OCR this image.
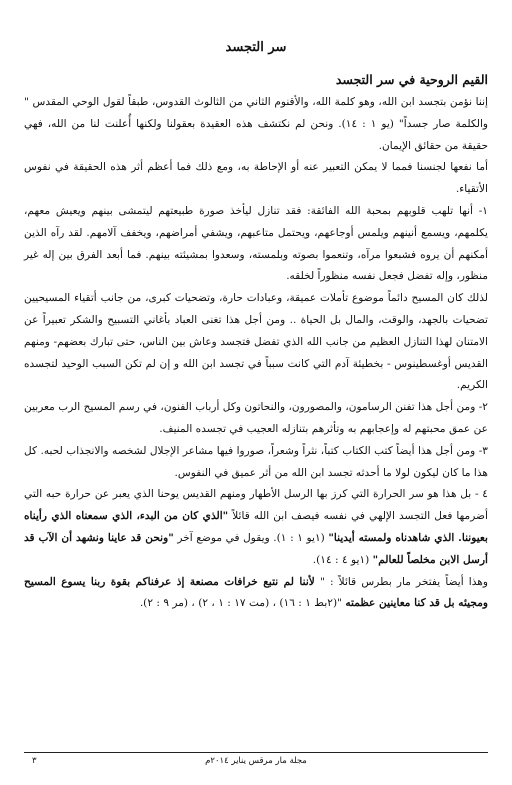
سر التجسد

القيم الروحية في سر التجسد

إننا نؤمن بتجسد ابن الله، وهو كلمة الله، والأقنوم الثاني من الثالوث القدوس، طبقاً لقول الوحي المقدس " والكلمة صار جسداً" (يو ١ : ١٤). ونحن لم نكتشف هذه العقيدة بعقولنا ولكنها أُعلنت لنا من الله، فهي حقيقة من حقائق الإيمان.

أما نفعها لجنسنا فمما لا يمكن التعبير عنه أو الإحاطة به، ومع ذلك فما أعظم أثر هذه الحقيقة في نفوس الأتقياء.

١- أنها تلهب قلوبهم بمحبة الله الفائقة: فقد تنازل ليأخذ صورة طبيعتهم ليتمشى بينهم ويعيش معهم، يكلمهم، ويسمع أنينهم ويلمس أوجاعهم، ويحتمل متاعبهم، ويشفي أمراضهم، ويخفف آلامهم. لقد رآه الذين أمكنهم أن يروه فشبعوا مرآه، وتنعموا بصوته وبلمسته، وسعدوا بمشيئته بينهم. فما أبعد الفرق بين إله غير منظور، وإله تفضل فجعل نفسه منظوراً لخلقه.

لذلك كان المسيح دائماً موضوع تأملات عميقة، وعبادات حارة، وتضحيات كبرى، من جانب أتقياء المسيحيين تضحيات بالجهد، والوقت، والمال بل الحياة .. ومن أجل هذا تغنى العباد بأغاني التسبيح والشكر تعبيراً عن الامتنان لهذا التنازل العظيم من جانب الله الذي تفضل فتجسد وعاش بين الناس، حتى تبارك بعضهم- ومنهم القديس أوغسطينوس - بخطيئة آدم التي كانت سبباً في تجسد ابن الله و إن لم تكن السبب الوحيد لتجسده الكريم.

٢- ومن أجل هذا تفنن الرسامون، والمصورون، والنحاتون وكل أرباب الفنون، في رسم المسيح الرب معربين عن عمق محبتهم له وإعجابهم به وتأثرهم بتنازله العجيب في تجسده المنيف.

٣- ومن أجل هذا أيضاً كتب الكتاب كتباً، نثراً وشعراً، صوروا فيها مشاعر الإجلال لشخصه والانجذاب لحبه. كل هذا ما كان ليكون لولا ما أحدثه تجسد ابن الله من أثر عميق في النفوس.

٤ - بل هذا هو سر الحرارة التي كرز بها الرسل الأطهار ومنهم القديس يوحنا الذي يعبر عن حرارة حبه التي أضرمها فعل التجسد الإلهي في نفسه فيصف ابن الله قائلاً "الذي كان من البدء، الذي سمعناه الذي رأيناه بعيوننا. الذي شاهدناه ولمسته أيدينا" (١يو ١ : ١). ويقول في موضع آخر "ونحن قد عاينا ونشهد أن الآب قد أرسل الابن مخلصاً للعالم" (١يو ٤ : ١٤).

وهذا أيضاً يفتخر مار بطرس قائلاً : " لأننا لم نتبع خرافات مصنعة إذ عرفناكم بقوة ربنا يسوع المسيح ومجيئه بل قد كنا معاينين عظمته "(٢بط ١ : ١٦) ، (مت ١٧ : ١ ، ٢) ، (مر ٩ : ٢).

مجلة مار مرقس يناير ٢٠١٤م
٣
